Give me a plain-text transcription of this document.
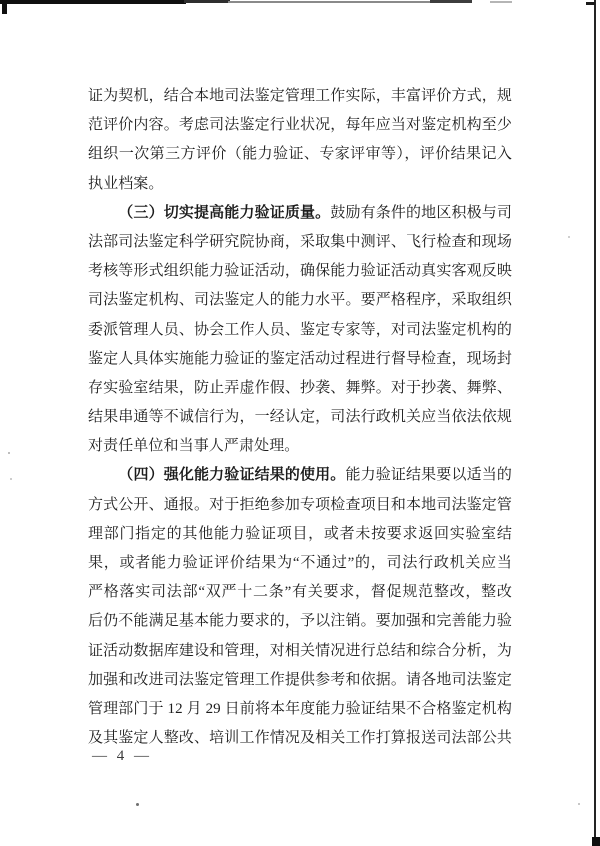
证为契机，结合本地司法鉴定管理工作实际，丰富评价方式，规
范评价内容。考虑司法鉴定行业状况，每年应当对鉴定机构至少
组织一次第三方评价（能力验证、专家评审等），评价结果记入
执业档案。
（三）切实提高能力验证质量。鼓励有条件的地区积极与司
法部司法鉴定科学研究院协商，采取集中测评、飞行检查和现场
考核等形式组织能力验证活动，确保能力验证活动真实客观反映
司法鉴定机构、司法鉴定人的能力水平。要严格程序，采取组织
委派管理人员、协会工作人员、鉴定专家等，对司法鉴定机构的
鉴定人具体实施能力验证的鉴定活动过程进行督导检查，现场封
存实验室结果，防止弄虚作假、抄袭、舞弊。对于抄袭、舞弊、
结果串通等不诚信行为，一经认定，司法行政机关应当依法依规
对责任单位和当事人严肃处理。
（四）强化能力验证结果的使用。能力验证结果要以适当的
方式公开、通报。对于拒绝参加专项检查项目和本地司法鉴定管
理部门指定的其他能力验证项目，或者未按要求返回实验室结
果，或者能力验证评价结果为“不通过”的，司法行政机关应当
严格落实司法部“双严十二条”有关要求，督促规范整改，整改
后仍不能满足基本能力要求的，予以注销。要加强和完善能力验
证活动数据库建设和管理，对相关情况进行总结和综合分析，为
加强和改进司法鉴定管理工作提供参考和依据。请各地司法鉴定
管理部门于 12 月 29 日前将本年度能力验证结果不合格鉴定机构
及其鉴定人整改、培训工作情况及相关工作打算报送司法部公共
— 4 —
